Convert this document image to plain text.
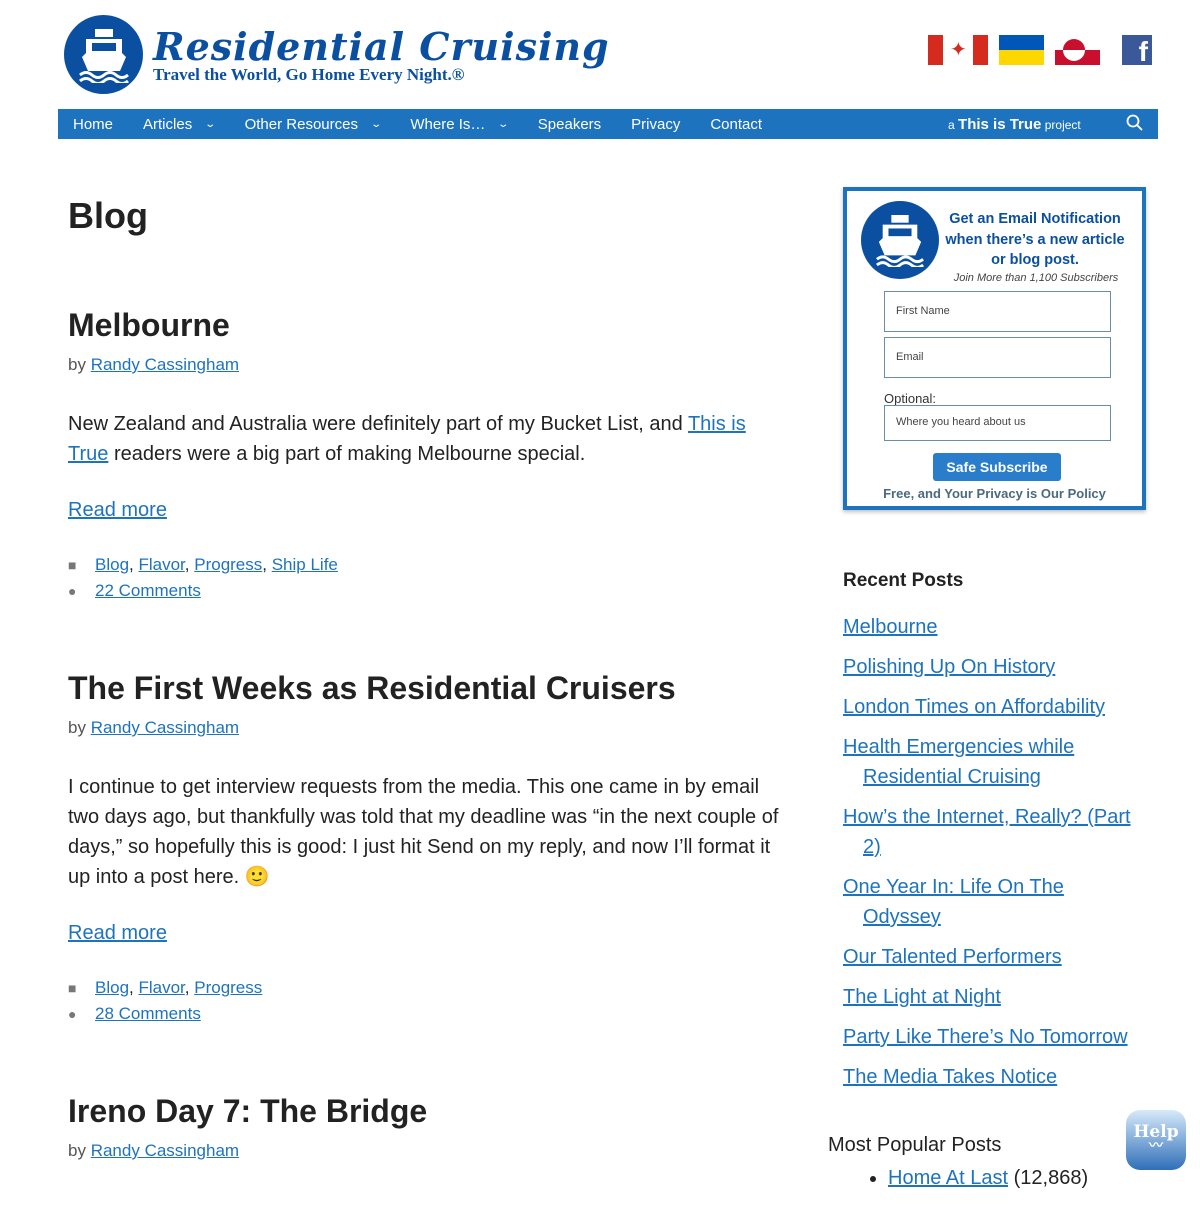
Residential Cruising
Travel the World, Go Home Every Night.®
✦	f
Home Articles ⌄ Other Resources ⌄ Where Is… ⌄ Speakers Privacy Contact	a This is True project
Blog
Melbourne
by Randy Cassingham

New Zealand and Australia were definitely part of my Bucket List, and This is True readers were a big part of making Melbourne special.

Read more
■	Blog, Flavor, Progress, Ship Life
●	22 Comments
The First Weeks as Residential Cruisers
by Randy Cassingham

I continue to get interview requests from the media. This one came in by email two days ago, but thankfully was told that my deadline was “in the next couple of days,” so hopefully this is good: I just hit Send on my reply, and now I’ll format it up into a post here. 🙂

Read more
■	Blog, Flavor, Progress
●	28 Comments
Ireno Day 7: The Bridge
by Randy Cassingham
Get an Email Notification when there’s a new article or blog post.
Join More than 1,100 Subscribers
First Name
Email
Optional:
Where you heard about us
Safe Subscribe
Free, and Your Privacy is Our Policy
Recent Posts
Melbourne
Polishing Up On History
London Times on Affordability
Health Emergencies while Residential Cruising
How’s the Internet, Really? (Part 2)
One Year In: Life On The Odyssey
Our Talented Performers
The Light at Night
Party Like There’s No Tomorrow
The Media Takes Notice
Most Popular Posts
• Home At Last (12,868)
Help
〰
